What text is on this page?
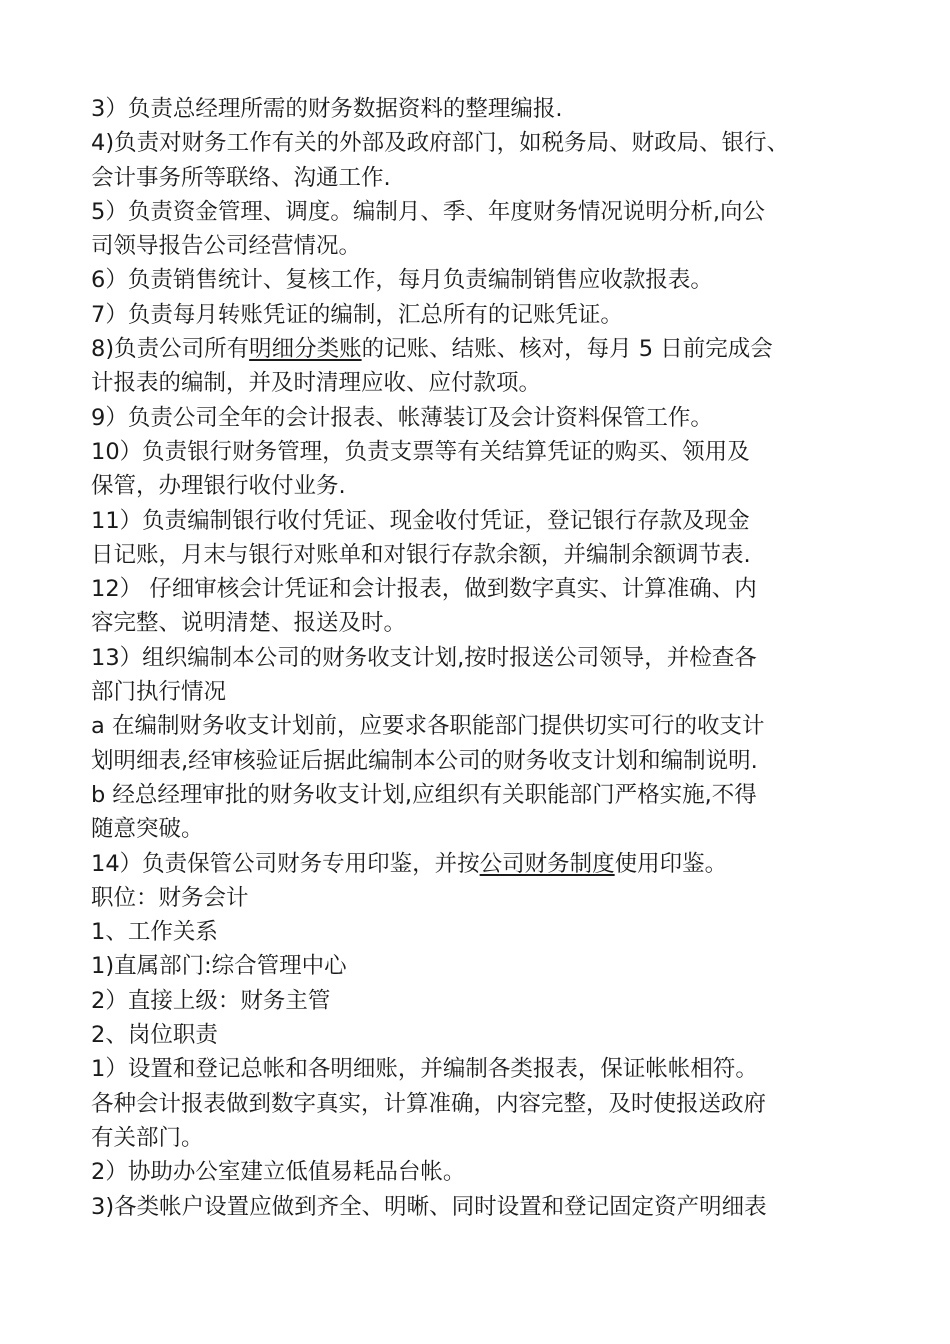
3）负责总经理所需的财务数据资料的整理编报.

4)负责对财务工作有关的外部及政府部门，如税务局、财政局、银行、

会计事务所等联络、沟通工作.

5）负责资金管理、调度。编制月、季、年度财务情况说明分析,向公

司领导报告公司经营情况。

6）负责销售统计、复核工作，每月负责编制销售应收款报表。

7）负责每月转账凭证的编制，汇总所有的记账凭证。

8)负责公司所有明细分类账的记账、结账、核对，每月 5 日前完成会

计报表的编制，并及时清理应收、应付款项。

9）负责公司全年的会计报表、帐薄装订及会计资料保管工作。

10）负责银行财务管理，负责支票等有关结算凭证的购买、领用及

保管，办理银行收付业务.

11）负责编制银行收付凭证、现金收付凭证，登记银行存款及现金

日记账，月末与银行对账单和对银行存款余额，并编制余额调节表.

12） 仔细审核会计凭证和会计报表，做到数字真实、计算准确、内

容完整、说明清楚、报送及时。

13）组织编制本公司的财务收支计划,按时报送公司领导，并检查各

部门执行情况

a 在编制财务收支计划前，应要求各职能部门提供切实可行的收支计

划明细表,经审核验证后据此编制本公司的财务收支计划和编制说明.

b 经总经理审批的财务收支计划,应组织有关职能部门严格实施,不得

随意突破。

14）负责保管公司财务专用印鉴，并按公司财务制度使用印鉴。

职位：财务会计

1、工作关系

1)直属部门:综合管理中心

2）直接上级：财务主管

2、岗位职责

1）设置和登记总帐和各明细账，并编制各类报表，保证帐帐相符。

各种会计报表做到数字真实，计算准确，内容完整，及时使报送政府

有关部门。

2）协助办公室建立低值易耗品台帐。

3)各类帐户设置应做到齐全、明晰、同时设置和登记固定资产明细表
